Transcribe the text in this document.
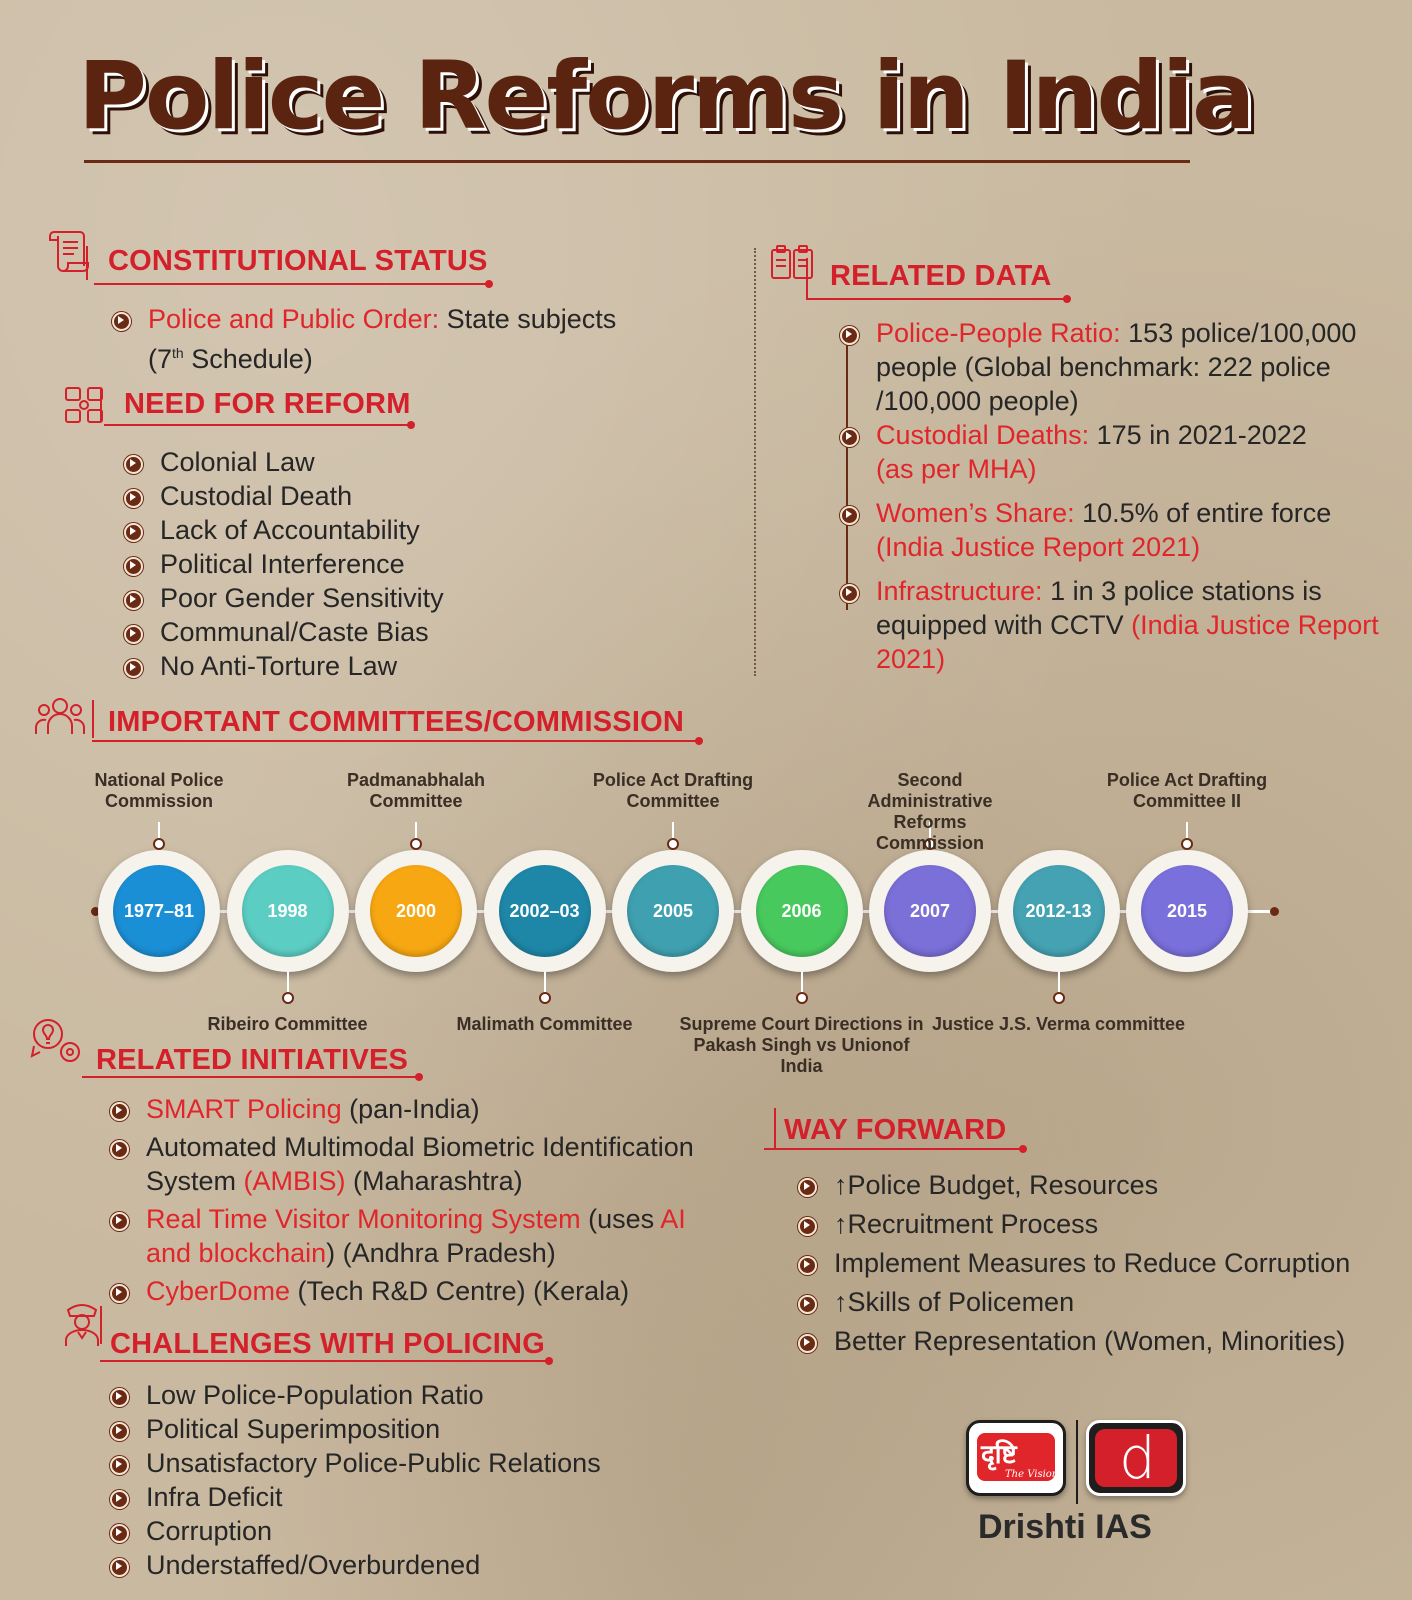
Police Reforms in India
CONSTITUTIONAL STATUS
Police and Public Order: State subjects
(7th Schedule)
NEED FOR REFORM
Colonial Law
Custodial Death
Lack of Accountability
Political Interference
Poor Gender Sensitivity
Communal/Caste Bias
No Anti-Torture Law
RELATED DATA
Police-People Ratio: 153 police/100,000 people (Global benchmark: 222 police /100,000 people)
Custodial Deaths: 175 in 2021-2022
(as per MHA)
Women’s Share: 10.5% of entire force
(India Justice Report 2021)
Infrastructure: 1 in 3 police stations is equipped with CCTV (India Justice Report 2021)
IMPORTANT COMMITTEES/COMMISSION
1977–81
National Police Commission
1998
Ribeiro Committee
2000
Padmanabhalah Committee
2002–03
Malimath Committee
2005
Police Act Drafting Committee
2006
Supreme Court Directions in Pakash Singh vs Unionof India
2007
Second Administrative Reforms Commission
2012-13
Justice J.S. Verma committee
2015
Police Act Drafting Committee II
RELATED INITIATIVES
SMART Policing (pan-India)
Automated Multimodal Biometric Identification System (AMBIS) (Maharashtra)
Real Time Visitor Monitoring System (uses AI and blockchain) (Andhra Pradesh)
CyberDome (Tech R&D Centre) (Kerala)
CHALLENGES WITH POLICING
Low Police-Population Ratio
Political Superimposition
Unsatisfactory Police-Public Relations
Infra Deficit
Corruption
Understaffed/Overburdened
WAY FORWARD
↑Police Budget, Resources
↑Recruitment Process
Implement Measures to Reduce Corruption
↑Skills of Policemen
Better Representation (Women, Minorities)
दृष्टि
The Vision d
Drishti IAS
